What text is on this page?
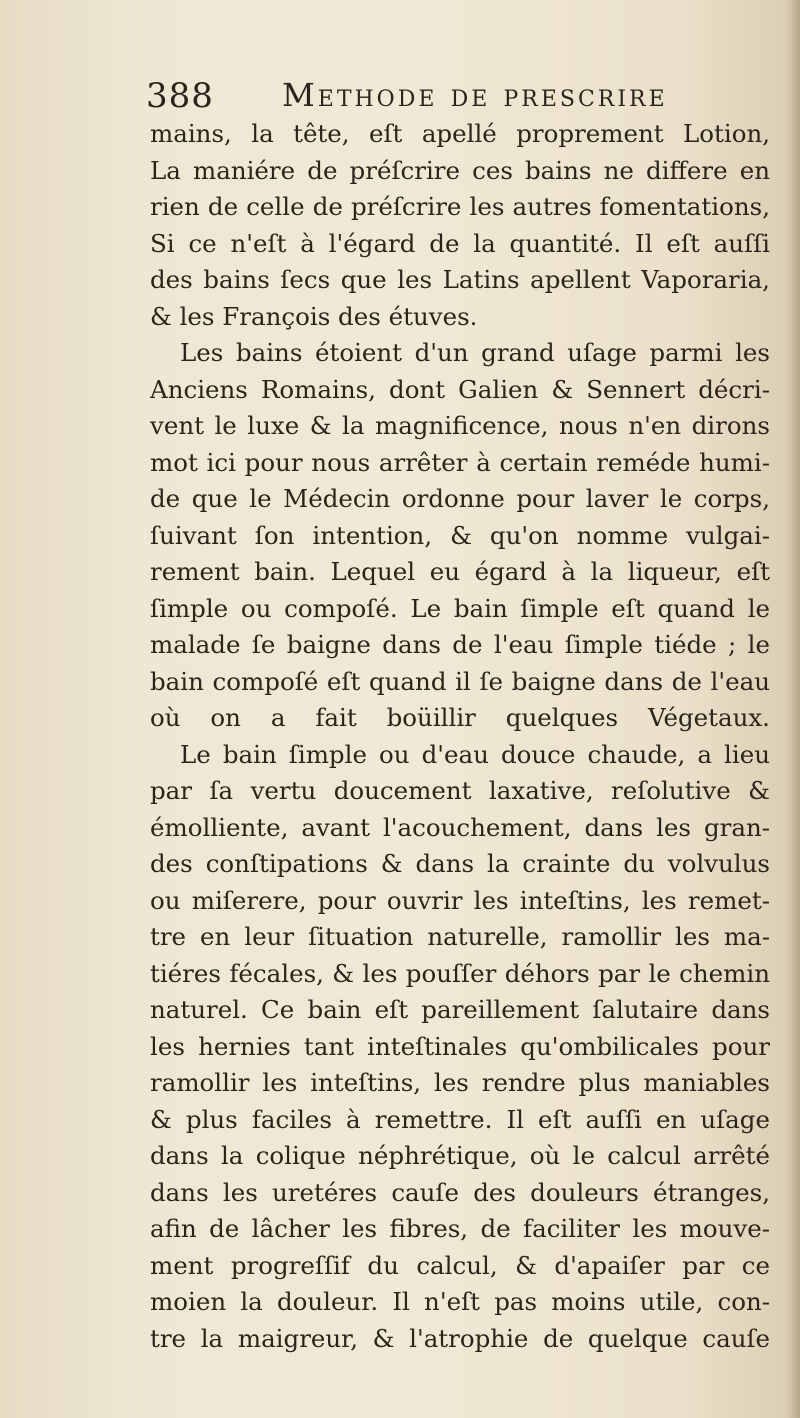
388 Methode de prescrire
mains, la tête, eſt apellé proprement Lotion,
La maniére de préſcrire ces bains ne differe en
rien de celle de préſcrire les autres fomentations,
Si ce n'eſt à l'égard de la quantité. Il eſt auſſi
des bains ſecs que les Latins apellent Vaporaria,
& les François des étuves.
Les bains étoient d'un grand uſage parmi les
Anciens Romains, dont Galien & Sennert décri-
vent le luxe & la magnificence, nous n'en dirons
mot ici pour nous arrêter à certain reméde humi-
de que le Médecin ordonne pour laver le corps,
ſuivant ſon intention, & qu'on nomme vulgai-
rement bain. Lequel eu égard à la liqueur, eſt
ſimple ou compoſé. Le bain ſimple eſt quand le
malade ſe baigne dans de l'eau ſimple tiéde ; le
bain compoſé eſt quand il ſe baigne dans de l'eau
où on a fait boüillir quelques Végetaux.
Le bain ſimple ou d'eau douce chaude, a lieu
par ſa vertu doucement laxative, reſolutive &
émolliente, avant l'acouchement, dans les gran-
des conſtipations & dans la crainte du volvulus
ou miſerere, pour ouvrir les inteſtins, les remet-
tre en leur ſituation naturelle, ramollir les ma-
tiéres fécales, & les pouſſer déhors par le chemin
naturel. Ce bain eſt pareillement ſalutaire dans
les hernies tant inteſtinales qu'ombilicales pour
ramollir les inteſtins, les rendre plus maniables
& plus faciles à remettre. Il eſt auſſi en uſage
dans la colique néphrétique, où le calcul arrêté
dans les uretéres cauſe des douleurs étranges,
afin de lâcher les fibres, de faciliter les mouve-
ment progreſſif du calcul, & d'apaiſer par ce
moien la douleur. Il n'eſt pas moins utile, con-
tre la maigreur, & l'atrophie de quelque cauſe
